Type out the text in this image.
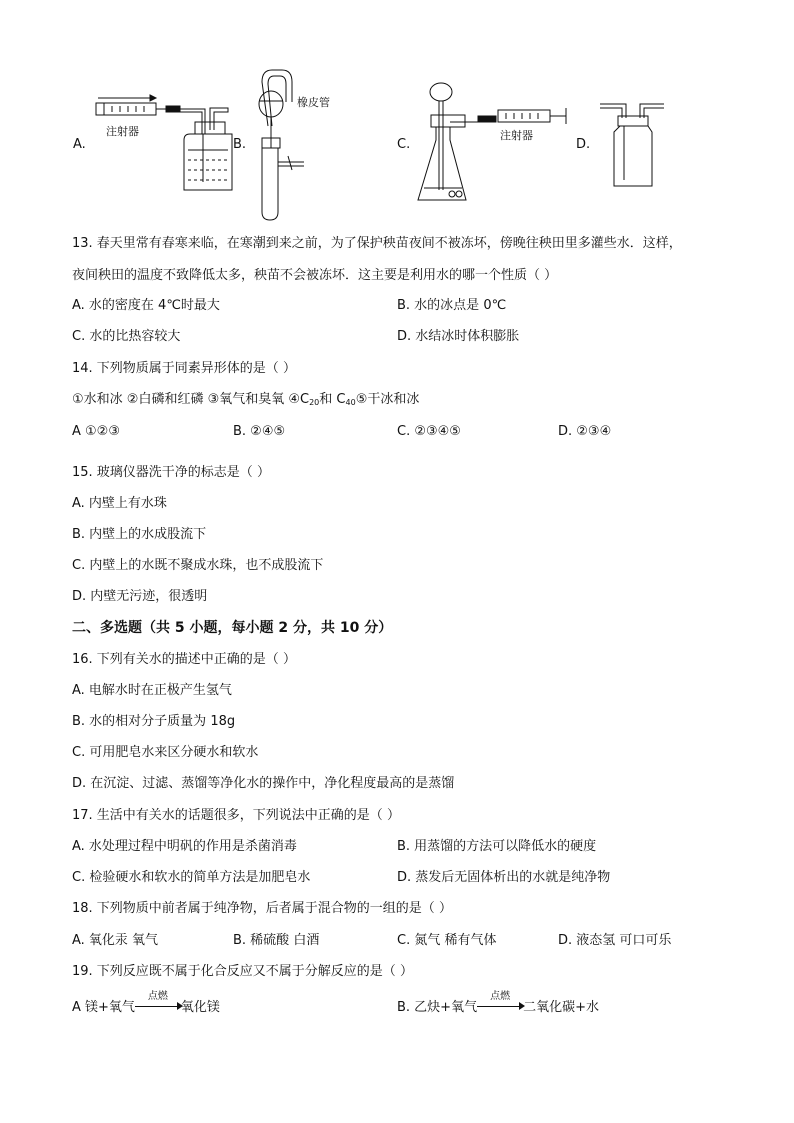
A.	B.	C.	D.
注射器
橡皮管
注射器
13. 春天里常有春寒来临，在寒潮到来之前，为了保护秧苗夜间不被冻坏，傍晚往秧田里多灌些水．这样，
夜间秧田的温度不致降低太多，秧苗不会被冻坏．这主要是利用水的哪一个性质（ ）
A. 水的密度在 4℃时最大	B. 水的冰点是 0℃
C. 水的比热容较大	D. 水结冰时体积膨胀
14. 下列物质属于同素异形体的是（ ）
①水和冰 ②白磷和红磷 ③氧气和臭氧 $④C_{20}$和 $C_{40}⑤$干冰和冰
A ①②③	B. ②④⑤	C. ②③④⑤	D. ②③④
15. 玻璃仪器洗干净的标志是（ ）
A. 内壁上有水珠
B. 内壁上的水成股流下
C. 内壁上的水既不聚成水珠，也不成股流下
D. 内壁无污迹，很透明
二、多选题（共 5 小题，每小题 2 分，共 10 分）
16. 下列有关水的描述中正确的是（ ）
A. 电解水时在正极产生氢气
B. 水的相对分子质量为 18g
C. 可用肥皂水来区分硬水和软水
D. 在沉淀、过滤、蒸馏等净化水的操作中，净化程度最高的是蒸馏
17. 生活中有关水的话题很多，下列说法中正确的是（ ）
A. 水处理过程中明矾的作用是杀菌消毒	B. 用蒸馏的方法可以降低水的硬度
C. 检验硬水和软水的简单方法是加肥皂水	D. 蒸发后无固体析出的水就是纯净物
18. 下列物质中前者属于纯净物，后者属于混合物的一组的是（ ）
A. 氧化汞 氧气	B. 稀硫酸 白酒	C. 氮气 稀有气体	D. 液态氢 可口可乐
19. 下列反应既不属于化合反应又不属于分解反应的是（ ）
A 镁+氧气
点燃
氧化镁	B. 乙炔+氧气
点燃
二氧化碳+水
